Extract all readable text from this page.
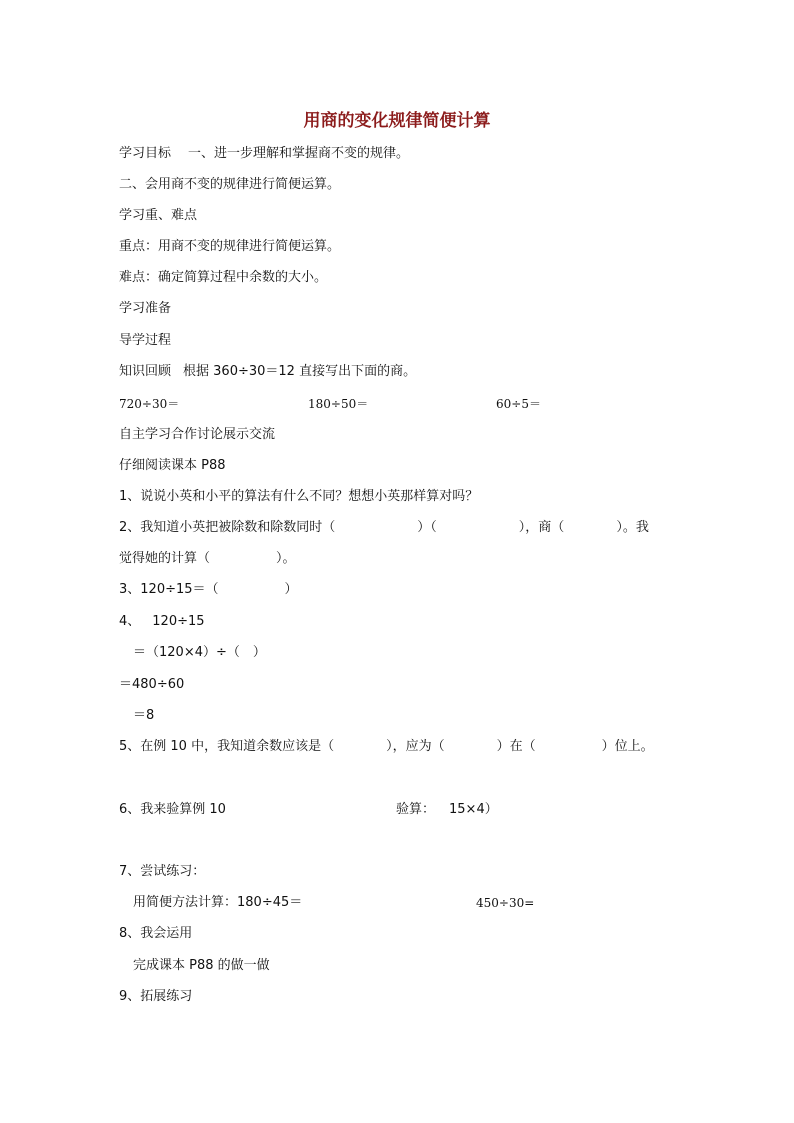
用商的变化规律简便计算
学习目标 一、进一步理解和掌握商不变的规律。
二、会用商不变的规律进行简便运算。
学习重、难点
重点：用商不变的规律进行简便运算。
难点：确定简算过程中余数的大小。
学习准备
导学过程
知识回顾 根据 360÷30＝12 直接写出下面的商。
720÷30＝	180÷50＝	60÷5＝
自主学习合作讨论展示交流
仔细阅读课本 P88
1、说说小英和小平的算法有什么不同？想想小英那样算对吗？
2、我知道小英把被除数和除数同时（	）（	），商（	）。我
觉得她的计算（	）。
3、120÷15＝（	）
4、 120÷15
＝（120×4）÷（　）
＝480÷60
＝8
5、在例 10 中，我知道余数应该是（	），应为（	）在（	）位上。
6、我来验算例 10	验算： 15×4）
7、尝试练习：
用简便方法计算：180÷45＝	450÷30=
8、我会运用
完成课本 P88 的做一做
9、拓展练习
